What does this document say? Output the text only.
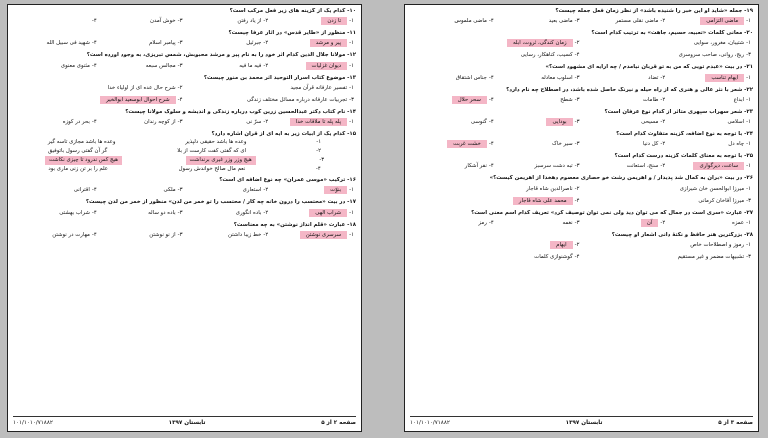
۱۰- کدام یک از گزینه های زیر فعل مرکب است؟
۱-تا زدن
۲-از یاد رفتن
۳-خوش آمدن
۴-
۱۱- منظور از «طایر قدس» در آثار عرفا چیست؟
۱-پیر و مرشد
۲-جبرئیل
۳-پیامبر اسلام
۴-شهید فی سبیل الله
۱۲- مولانا جلال الدین کدام اثر خود را به نام پیر و مرشد محبوبش، شمس تبریزی، به وجود آورده است؟
۱-دیوان غزلیات
۲-فیه ما فیه
۳-مجالس سبعه
۴-مثنوی معنوی
۱۳- موضوع کتاب اسرار التوحید اثر محمد بن منور چیست؟
۱-تفسیر عارفانه قرآن مجید
۲-شرح حال عده ای از اولیاء خدا
۳-تجربیات عارفانه درباره مسائل مختلف زندگی
۴-شرح احوال ابوسعید ابوالخیر
۱۴- نام کتاب دکتر عبدالحسین زرین کوب درباره زندگی و اندیشه و سلوک مولانا چیست؟
۱-پله پله تا ملاقات خدا
۲-سرّ نی
۳-از کوچه رندان
۴-بحر در کوزه
۱۵- کدام یک از ابیات زیر به آیه ای از قرآن اشاره دارد؟
۱-
وعده ها باشد حقیقی دلپذیر
وعده ها باشد مجازی تاسه گیر
۲-
ای که گفتی کفت کارست از بلا
گر آن گفتی رسول باتوفیق
۳-
هیچ وزر وزر غیری برنداشت
هیچ کس ندرود تا چیزی نکاشت
۴-
نعم مال صالح خواندش رسول
علم را بر تن زنی ماری بود
۱۶- ترکیب «موسی عمران» چه نوع اضافه ای است؟
۱-بنوّت
۲-استعاری
۳-ملکی
۴-اقترانی
۱۷- در بیت «محتسب را درون خانه چه کار / محتسب را تو خمر من لدن» منظور از خمر من لدن چیست؟
۱-شراب الهی
۲-باده انگوری
۳-باده دو ساله
۴-شراب بهشتی
۱۸- عبارت «قلم انداز نوشتن» به چه معناست؟
۱-سرسری نوشتن
۲-خط زیبا داشتن
۳-از نو نوشتن
۴-مهارت در نوشتن
صفحه ۲ از ۵
تابستان ۱۳۹۷
۱۰۱/۱۰۱۰/۷۱۸۸۲
۱۹- جمله «شاید او این خبر را شنیده باشد» از نظر زمان فعل جمله چیست؟
۱-ماضی التزامی
۲-ماضی نقلی مستمر
۳-ماضی بعید
۴-ماضی ملموس
۲۰- معانی کلمات «تعبیه، حسیم، جاهت» به ترتیب کدام است؟
۱-شتیبان، مغرور، سوایی
۲-زمان کندگی، ثروت، ابله
۳-ریج، روانی، صاحب سروسری
۴-کسیب، کناهکار، رسایی
۲۱- در بیت «عبدم تویی که من به تو قربان نیامدم / چه آرایه ای مشهود است؟»
۱-ایهام تناسب
۲-تضاد
۳-اسلوب معادله
۴-جناس اشتقاق
۲۲- شعر با نثر عالی و هنری که از راه حیله و نیرنگ حاصل شده باشد، در اصطلاح چه نام دارد؟
۱-ابداع
۲-طامات
۳-شطح
۴-سحر حلال
۲۳- شعر سهراب سپهری متأثر از کدام نوع عرفان است؟
۱-اسلامی
۲-مسیحی
۳-بودایی
۴-گنوسی
۲۴- با توجه به نوع اضافه، گزینه متفاوت کدام است؟
۱-چاه دل
۲-کل دنیا
۳-سیر خاک
۴-خشت غربت
۲۵- با توجه به معنای کلمات گزینه درست کدام است؟
۱-ساعت، دیرگواری
۲-سنج، استعانت
۳-تبه دشت سرسبز
۴-نفر آشکار
۲۶- در بیت «بران به کمال شد پدیدار / و اهریمن رشت خو حصاری معصوم دهخدا از اهریمن کیست؟»
۱-میرزا ابوالحسن خان شیرازی
۲-ناصرالدین شاه قاجار
۳-میرزا آقاخان کرمانی
۴-محمد علی شاه قاجار
۲۷- عبارت «سری است در جمال که می توان دید ولی نمی توان توصیف کرد» تعریف کدام اسم معنی است؟
۱-عمزه
۲-آن
۳-نغمه
۴-رمز
۲۸- بزرگترین هنر حافظ و نکتهٔ دانی اشعار او چیست؟
۱-رموز و اصطلاحات خاص
۲-ایهام
۳-تشبیهات مضمر و غیر مستقیم
۴-گوشنوازی کلمات
صفحه ۳ از ۵
تابستان ۱۳۹۷
۱۰۱/۱۰۱۰/۷۱۸۸۲
